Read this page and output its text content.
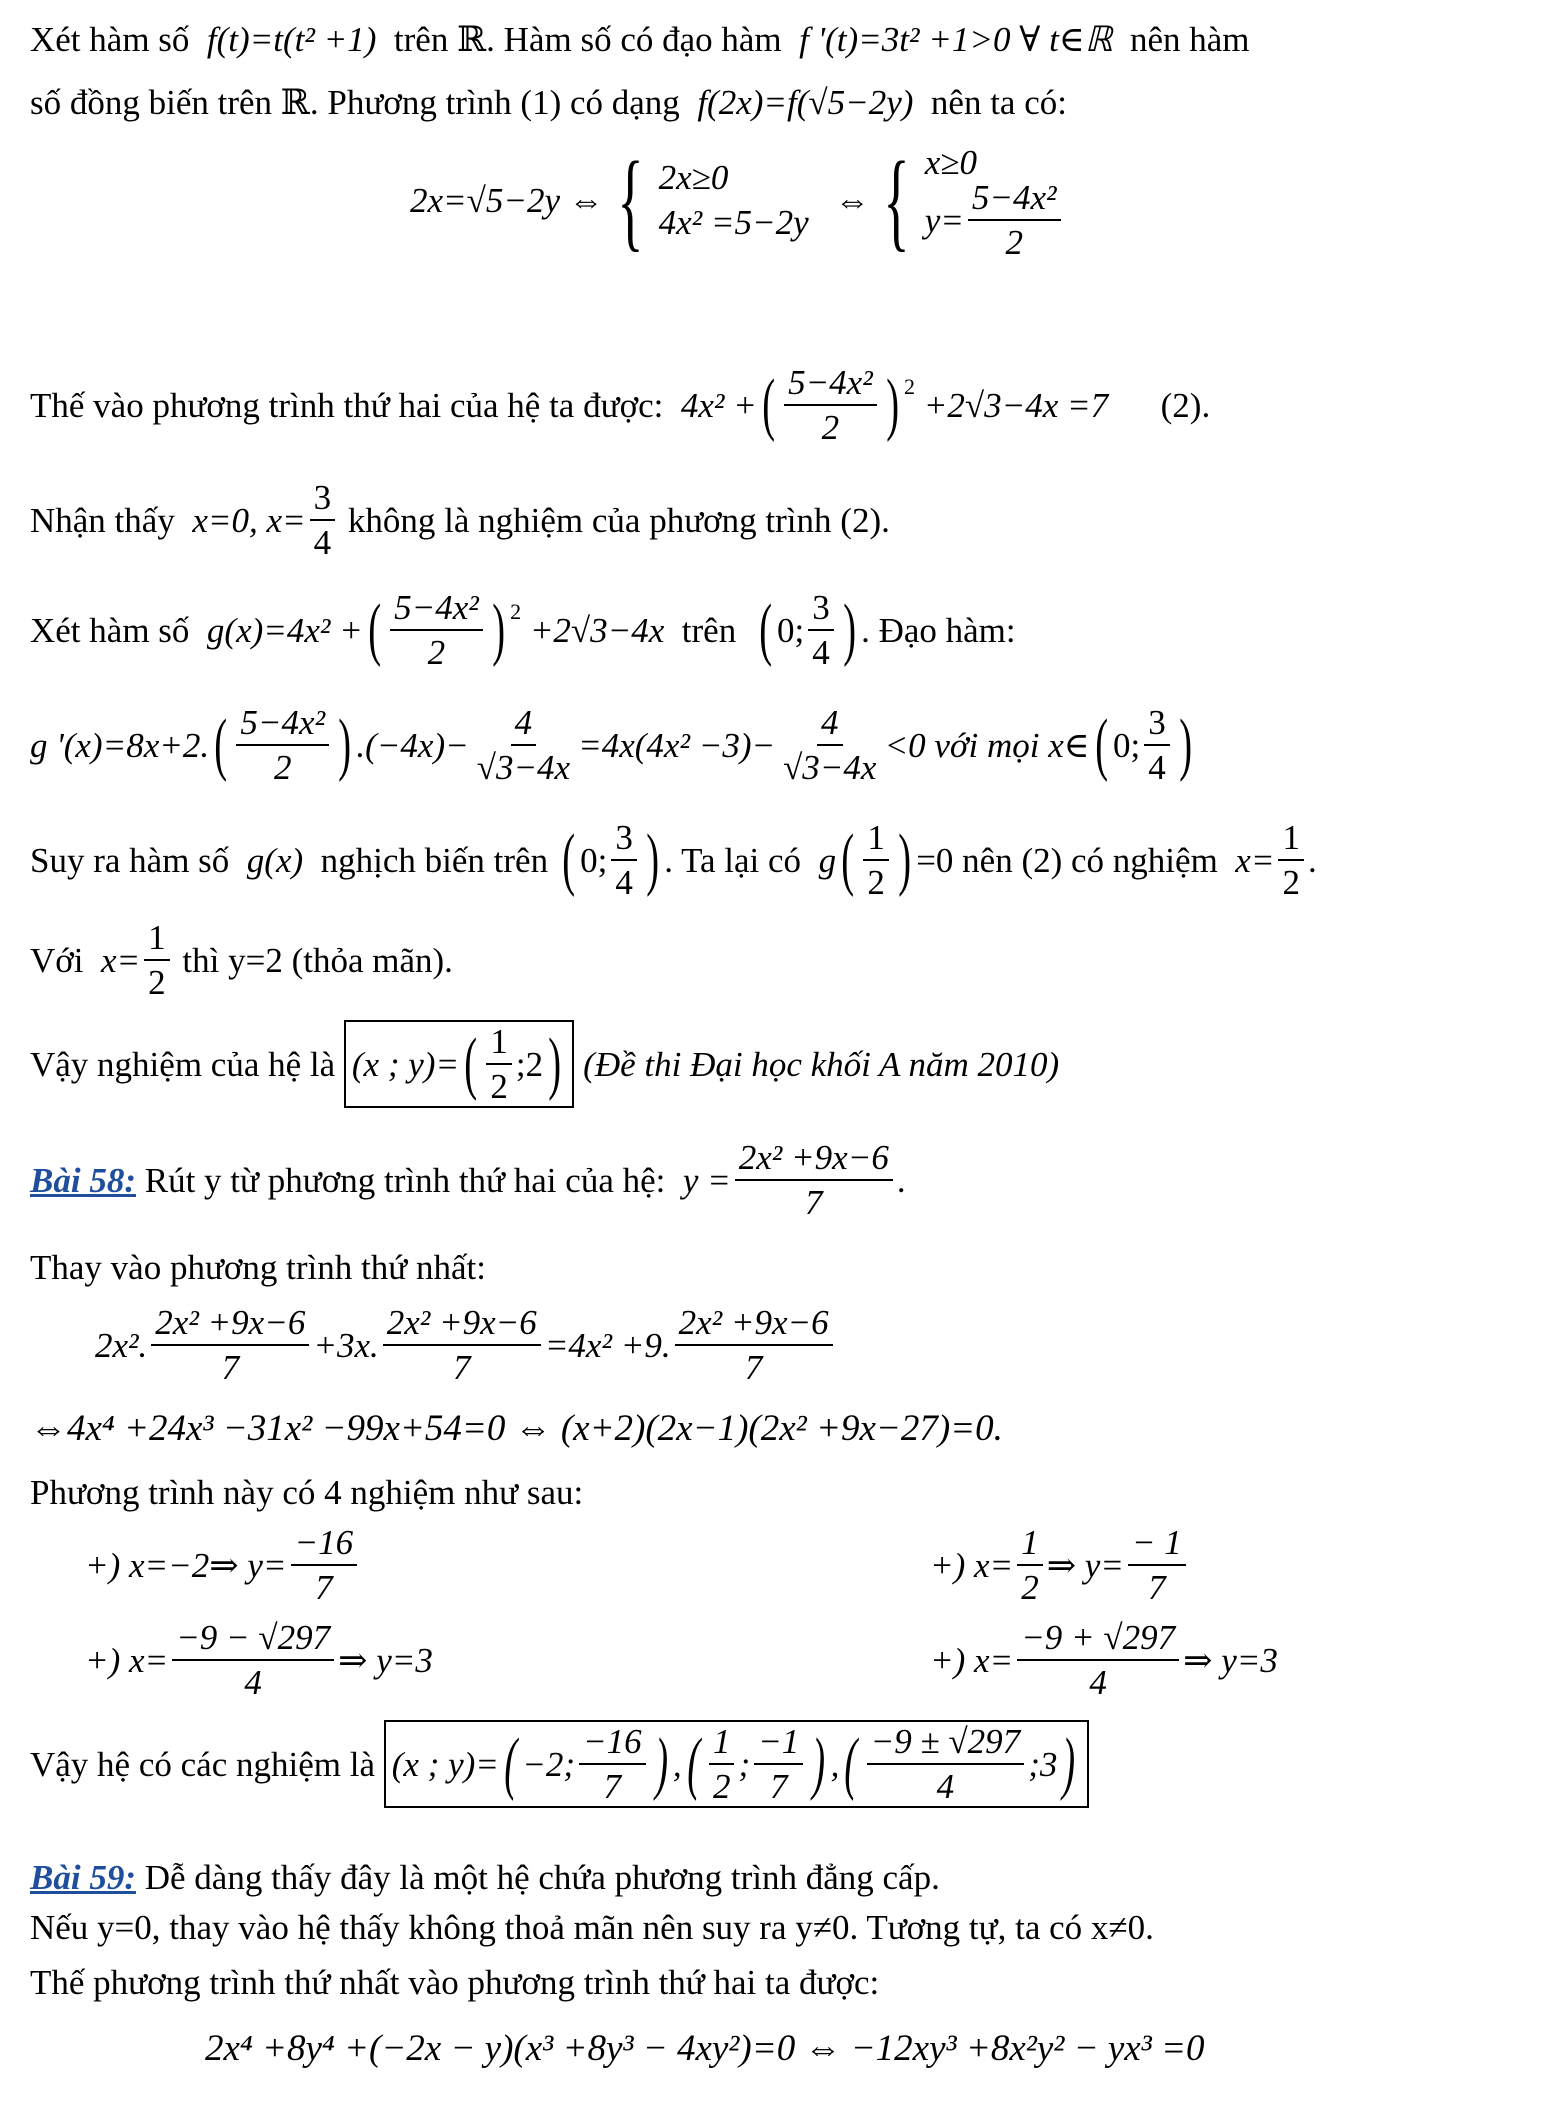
Xét hàm số
f(t)=t(t² +1)
trên ℝ. Hàm số có đạo hàm
f '(t)=3t² +1>0 ∀ t∈ℝ
nên hàm
số đồng biến trên ℝ. Phương trình (1) có dạng
f(2x)=f(√5−2y)
nên ta có:
2x=√5−2y ⇔ { 2x≥0
4x² =5−2y

⇔ { x≥0
$y= \frac{\text{5−4x²}}{2}$
Thế vào phương trình thứ hai của hệ ta được:
4x² + ( $\frac{\text{5−4x²}}{2}$ ) 2
+2√3−4x =7
(2).
Nhận thấy
x=0, $x= \frac{3}{4}$
không là nghiệm của phương trình (2).
Xét hàm số
g(x)=4x² + ( $\frac{\text{5−4x²}}{2}$ ) 2
+2√3−4x
trên
( 0; $\frac{3}{4}$ ) . Đạo hàm:
g '(x)=8x+2. ( $\frac{\text{5−4x²}}{2}$ ) $.(-4x)- \frac{4}{√3-4x} =4x(4x^2 -3)- \frac{4}{√3-4x} <0$ với mọi x∈ ( 0; $\frac{3}{4}$ )
Suy ra hàm số
g(x)
nghịch biến trên
( 0; $\frac{3}{4}$ ) . Ta lại có
g ( $\frac{1}{2}$ ) =0 nên (2) có nghiệm
$x= \frac{1}{2}$ .
Với
$x= \frac{1}{2}$
thì y=2 (thỏa mãn).
Vậy nghiệm của hệ là
(x ; y)= ( $\frac{1}{2}$ ;2 )
(Đề thi Đại học khối A năm 2010)
Bài 58:
Rút y từ phương trình thứ hai của hệ:
$y = \frac{\text{2x² +9x−6}}{7}$ .
Thay vào phương trình thứ nhất:
2x². $\frac{\text{2x² +9x−6}}{7} +3x$. $\frac{\text{2x² +9x−6}}{7} =4x^2 +9$. $\frac{\text{2x² +9x−6}}{7}$
⇔4x⁴ +24x³ −31x² −99x+54=0 ⇔ (x+2)(2x−1)(2x² +9x−27)=0.
Phương trình này có 4 nghiệm như sau:
+) x=−2⇒ $y= \frac{-16}{7}$	+) $x= \frac{1}{2}$ ⇒ $y= \frac{- 1}{7}$
+) $x= \frac{-9 - √297}{4}$ ⇒ y=3	+) $x= \frac{-9 + √297}{4}$ ⇒ y=3
Vậy hệ có các nghiệm là
(x ; y)= ( −2; $\frac{-16}{7}$ ) , ( $\frac{1}{2}$ ; $\frac{-1}{7}$ ) , ( $\frac{-9 \pm √297}{4}$ ;3 )
Bài 59:
Dễ dàng thấy đây là một hệ chứa phương trình đẳng cấp.
Nếu y=0, thay vào hệ thấy không thoả mãn nên suy ra y≠0. Tương tự, ta có x≠0.
Thế phương trình thứ nhất vào phương trình thứ hai ta được:
2x⁴ +8y⁴ +(−2x − y)(x³ +8y³ − 4xy²)=0 ⇔ −12xy³ +8x²y² − yx³ =0
